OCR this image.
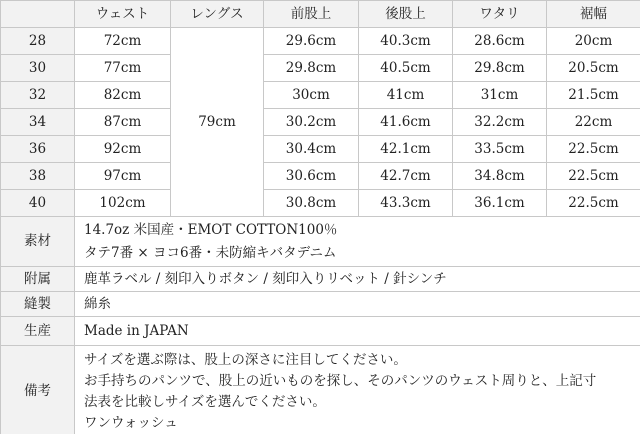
	ウェスト	レングス	前股上	後股上	ワタリ	裾幅
28	72cm	79cm	29.6cm	40.3cm	28.6cm	20cm
30	77cm		29.8cm	40.5cm	29.8cm	20.5cm
32	82cm		30cm	41cm	31cm	21.5cm
34	87cm		30.2cm	41.6cm	32.2cm	22cm
36	92cm		30.4cm	42.1cm	33.5cm	22.5cm
38	97cm		30.6cm	42.7cm	34.8cm	22.5cm
40	102cm		30.8cm	43.3cm	36.1cm	22.5cm
素材	14.7oz 米国産・EMOT COTTON100％
タテ7番 × ヨコ6番・未防縮キバタデニム					

附属	鹿革ラベル / 刻印入りボタン / 刻印入りリベット / 針シンチ					
縫製	綿糸					
生産	Made in JAPAN					
備考	サイズを選ぶ際は、股上の深さに注目してください。
お手持ちのパンツで、股上の近いものを探し、そのパンツのウェスト周りと、上記寸
法表を比較しサイズを選んでください。
ワンウォッシュ					
